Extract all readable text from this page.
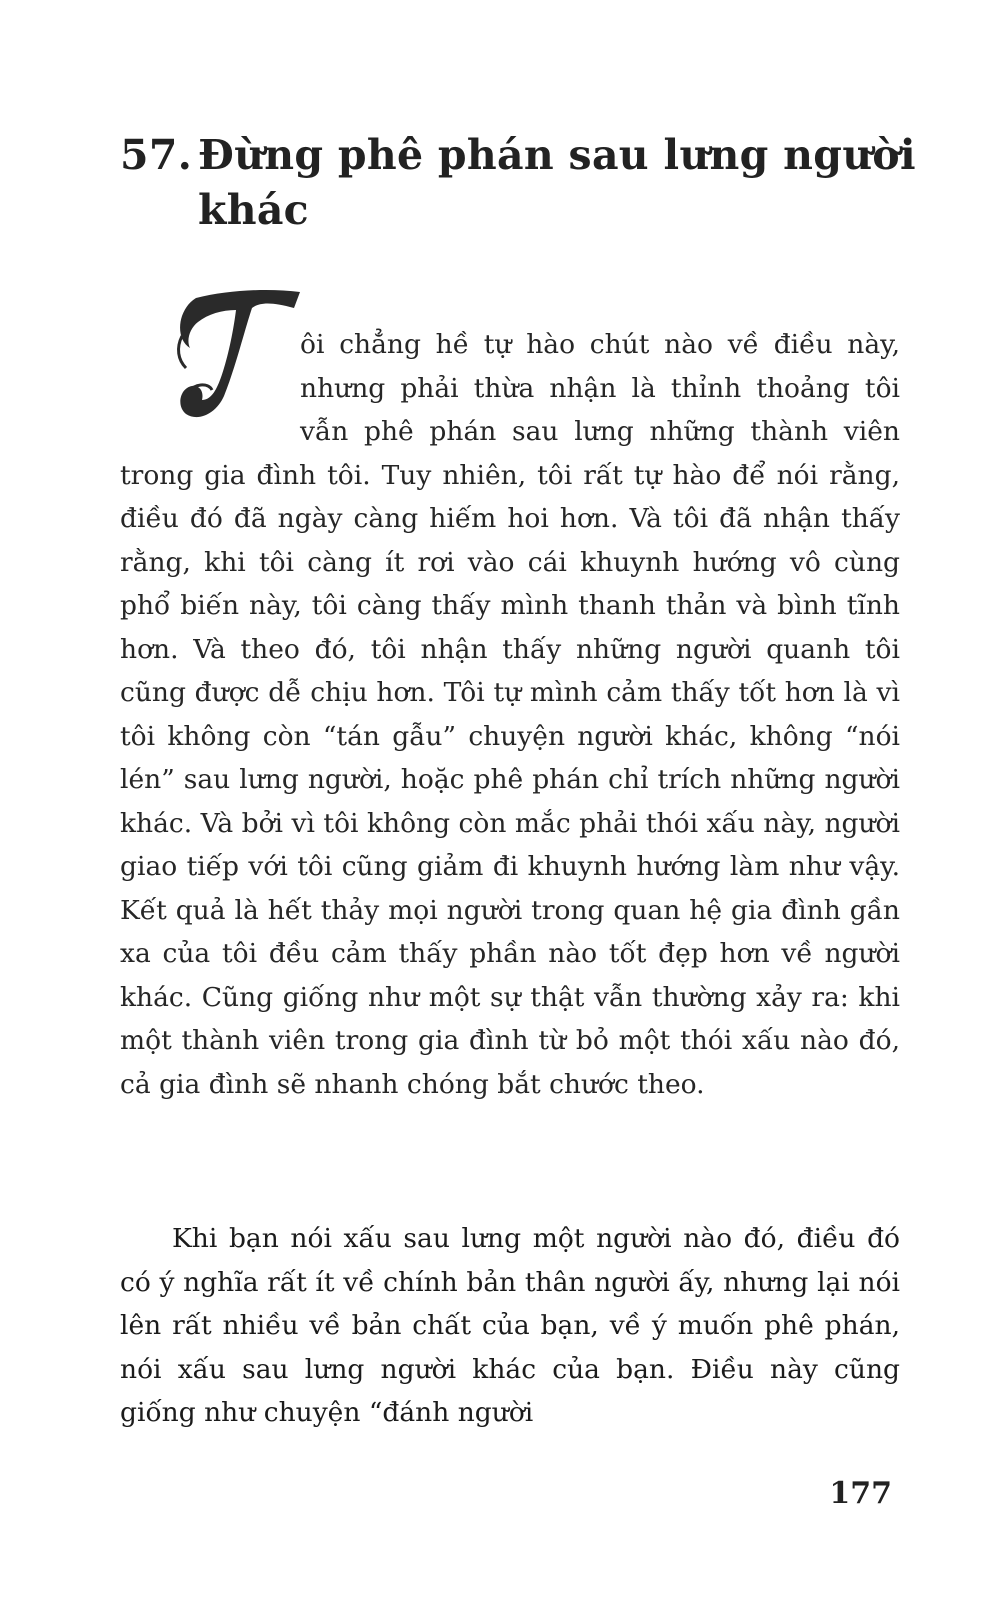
57. Đừng phê phán sau lưng người
khác

ôi chẳng hề tự hào chút nào về điều này, nhưng phải thừa nhận là thỉnh thoảng tôi vẫn phê phán sau lưng những thành viên trong gia đình tôi. Tuy nhiên, tôi rất tự hào để nói rằng, điều đó đã ngày càng hiếm hoi hơn. Và tôi đã nhận thấy rằng, khi tôi càng ít rơi vào cái khuynh hướng vô cùng phổ biến này, tôi càng thấy mình thanh thản và bình tĩnh hơn. Và theo đó, tôi nhận thấy những người quanh tôi cũng được dễ chịu hơn. Tôi tự mình cảm thấy tốt hơn là vì tôi không còn “tán gẫu” chuyện người khác, không “nói lén” sau lưng người, hoặc phê phán chỉ trích những người khác. Và bởi vì tôi không còn mắc phải thói xấu này, người giao tiếp với tôi cũng giảm đi khuynh hướng làm như vậy. Kết quả là hết thảy mọi người trong quan hệ gia đình gần xa của tôi đều cảm thấy phần nào tốt đẹp hơn về người khác. Cũng giống như một sự thật vẫn thường xảy ra: khi một thành viên trong gia đình từ bỏ một thói xấu nào đó, cả gia đình sẽ nhanh chóng bắt chước theo.

Khi bạn nói xấu sau lưng một người nào đó, điều đó có ý nghĩa rất ít về chính bản thân người ấy, nhưng lại nói lên rất nhiều về bản chất của bạn, về ý muốn phê phán, nói xấu sau lưng người khác của bạn. Điều này cũng giống như chuyện “đánh người

177
